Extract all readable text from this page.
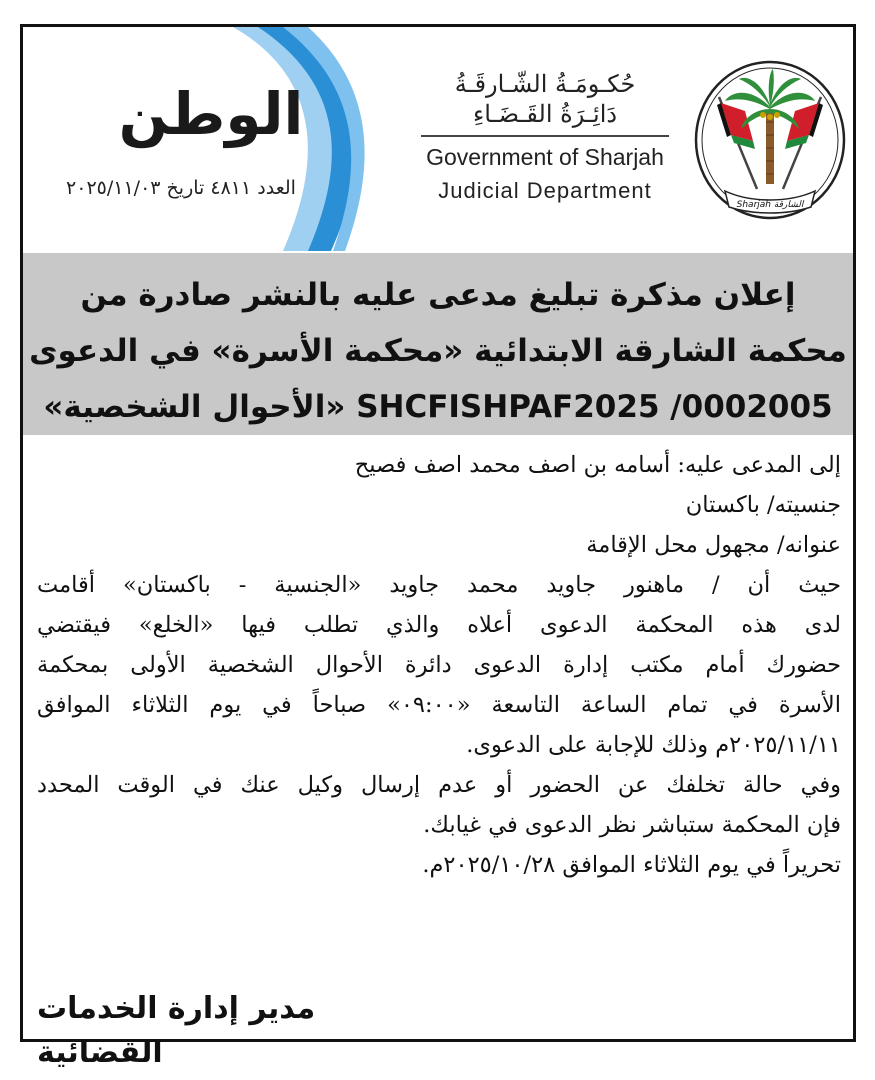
الوطن
العدد ٤٨١١ تاريخ ٢٠٢٥/١١/٠٣
حُكـومَـةُ الشّـارقَـةُ
دَائِـرَةُ القَـضَـاءِ
Government of Sharjah
Judicial Department
Sharjah الشارقة
إعلان مذكرة تبليغ مدعى عليه بالنشر صادرة من
محكمة الشارقة الابتدائية «محكمة الأسرة» في الدعوى
SHCFISHPAF2025 /0002005 «الأحوال الشخصية»

إلى المدعى عليه: أسامه بن اصف محمد اصف فصيح

جنسيته/ باكستان

عنوانه/ مجهول محل الإقامة

حيث أن / ماهنور جاويد محمد جاويد «الجنسية - باكستان» أقامت

لدى هذه المحكمة الدعوى أعلاه والذي تطلب فيها «الخلع» فيقتضي

حضورك أمام مكتب إدارة الدعوى دائرة الأحوال الشخصية الأولى بمحكمة

الأسرة في تمام الساعة التاسعة «٠٩:٠٠» صباحاً في يوم الثلاثاء الموافق

٢٠٢٥/١١/١١م وذلك للإجابة على الدعوى.

وفي حالة تخلفك عن الحضور أو عدم إرسال وكيل عنك في الوقت المحدد

فإن المحكمة ستباشر نظر الدعوى في غيابك.

تحريراً في يوم الثلاثاء الموافق ٢٠٢٥/١٠/٢٨م.

مدير إدارة الخدمات القضائية
